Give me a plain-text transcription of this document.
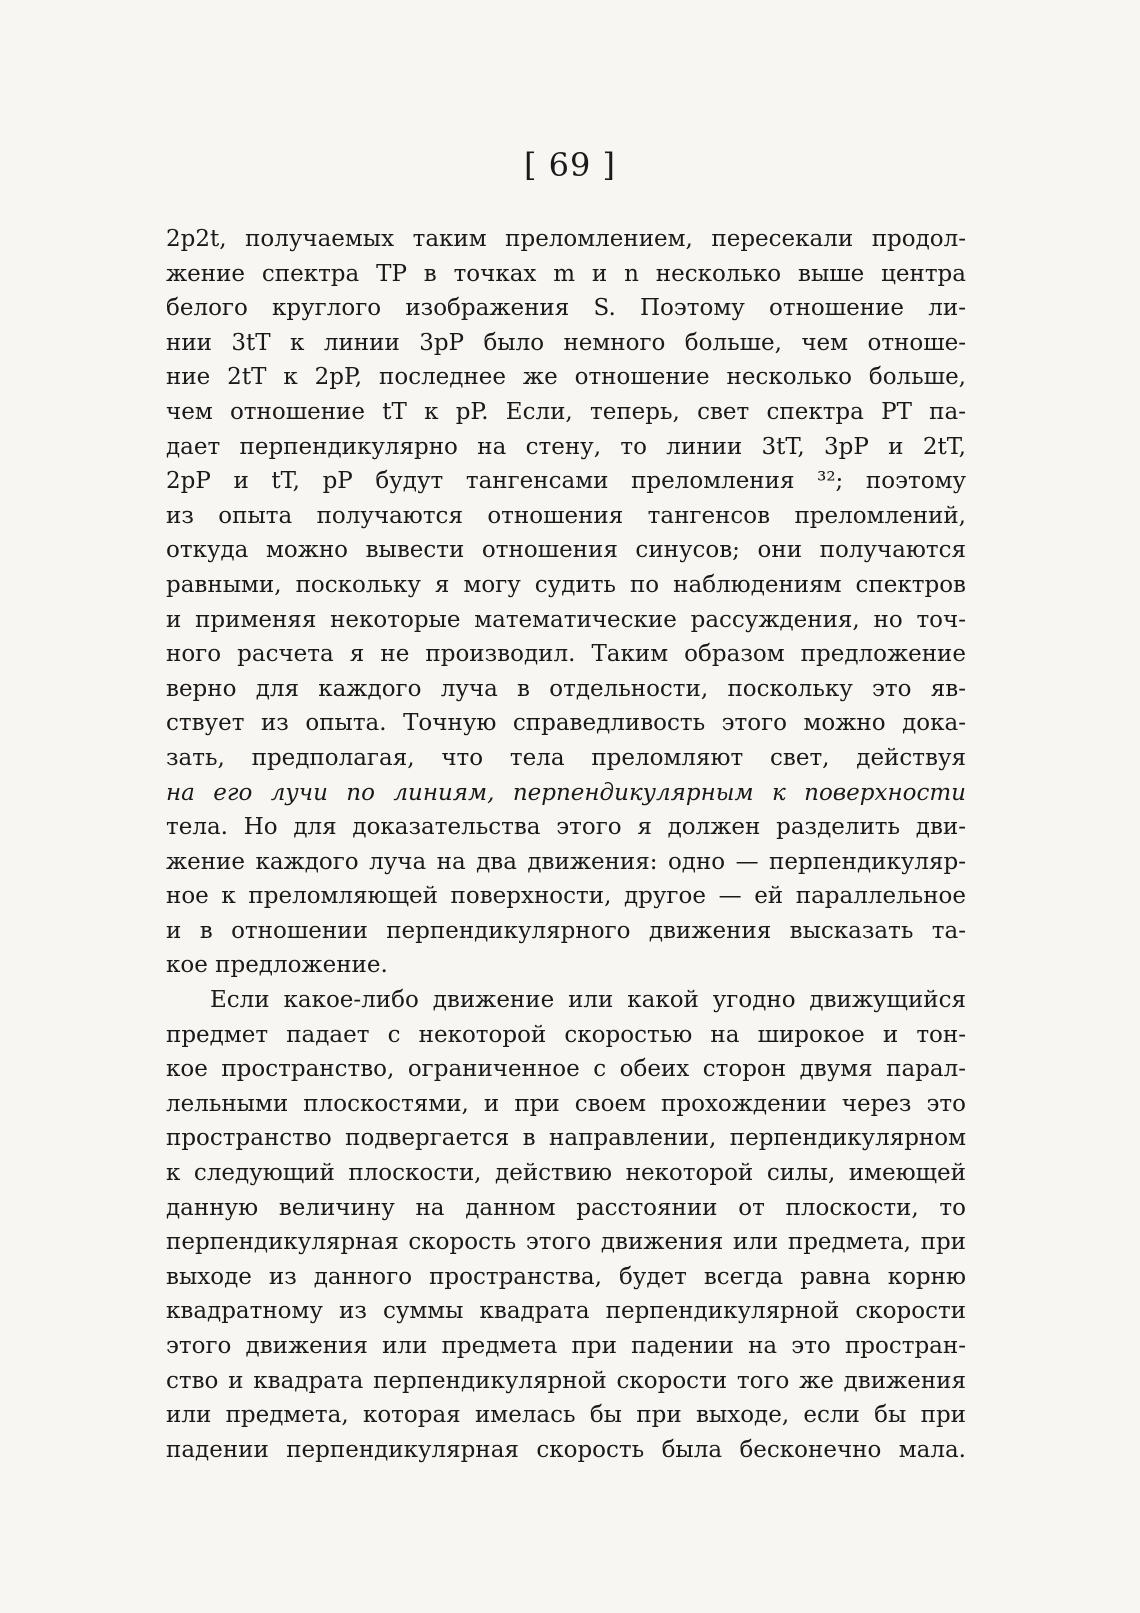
[ 69 ]
2p2t, получаемых таким преломлением, пересекали продол-
жение спектра TP в точках m и n несколько выше центра
белого круглого изображения S. Поэтому отношение ли-
нии 3tT к линии 3pP было немного больше, чем отноше-
ние 2tT к 2pP, последнее же отношение несколько больше,
чем отношение tT к pP. Если, теперь, свет спектра PT па-
дает перпендикулярно на стену, то линии 3tT, 3pP и 2tT,
2pP и tT, pP будут тангенсами преломления ³²; поэтому
из опыта получаются отношения тангенсов преломлений,
откуда можно вывести отношения синусов; они получаются
равными, поскольку я могу судить по наблюдениям спектров
и применяя некоторые математические рассуждения, но точ-
ного расчета я не производил. Таким образом предложение
верно для каждого луча в отдельности, поскольку это яв-
ствует из опыта. Точную справедливость этого можно дока-
зать, предполагая, что тела преломляют свет, действуя
на его лучи по линиям, перпендикулярным к поверхности
тела. Но для доказательства этого я должен разделить дви-
жение каждого луча на два движения: одно — перпендикуляр-
ное к преломляющей поверхности, другое — ей параллельное
и в отношении перпендикулярного движения высказать та-
кое предложение.
Если какое-либо движение или какой угодно движущийся
предмет падает с некоторой скоростью на широкое и тон-
кое пространство, ограниченное с обеих сторон двумя парал-
лельными плоскостями, и при своем прохождении через это
пространство подвергается в направлении, перпендикулярном
к следующий плоскости, действию некоторой силы, имеющей
данную величину на данном расстоянии от плоскости, то
перпендикулярная скорость этого движения или предмета, при
выходе из данного пространства, будет всегда равна корню
квадратному из суммы квадрата перпендикулярной скорости
этого движения или предмета при падении на это простран-
ство и квадрата перпендикулярной скорости того же движения
или предмета, которая имелась бы при выходе, если бы при
падении перпендикулярная скорость была бесконечно мала.
